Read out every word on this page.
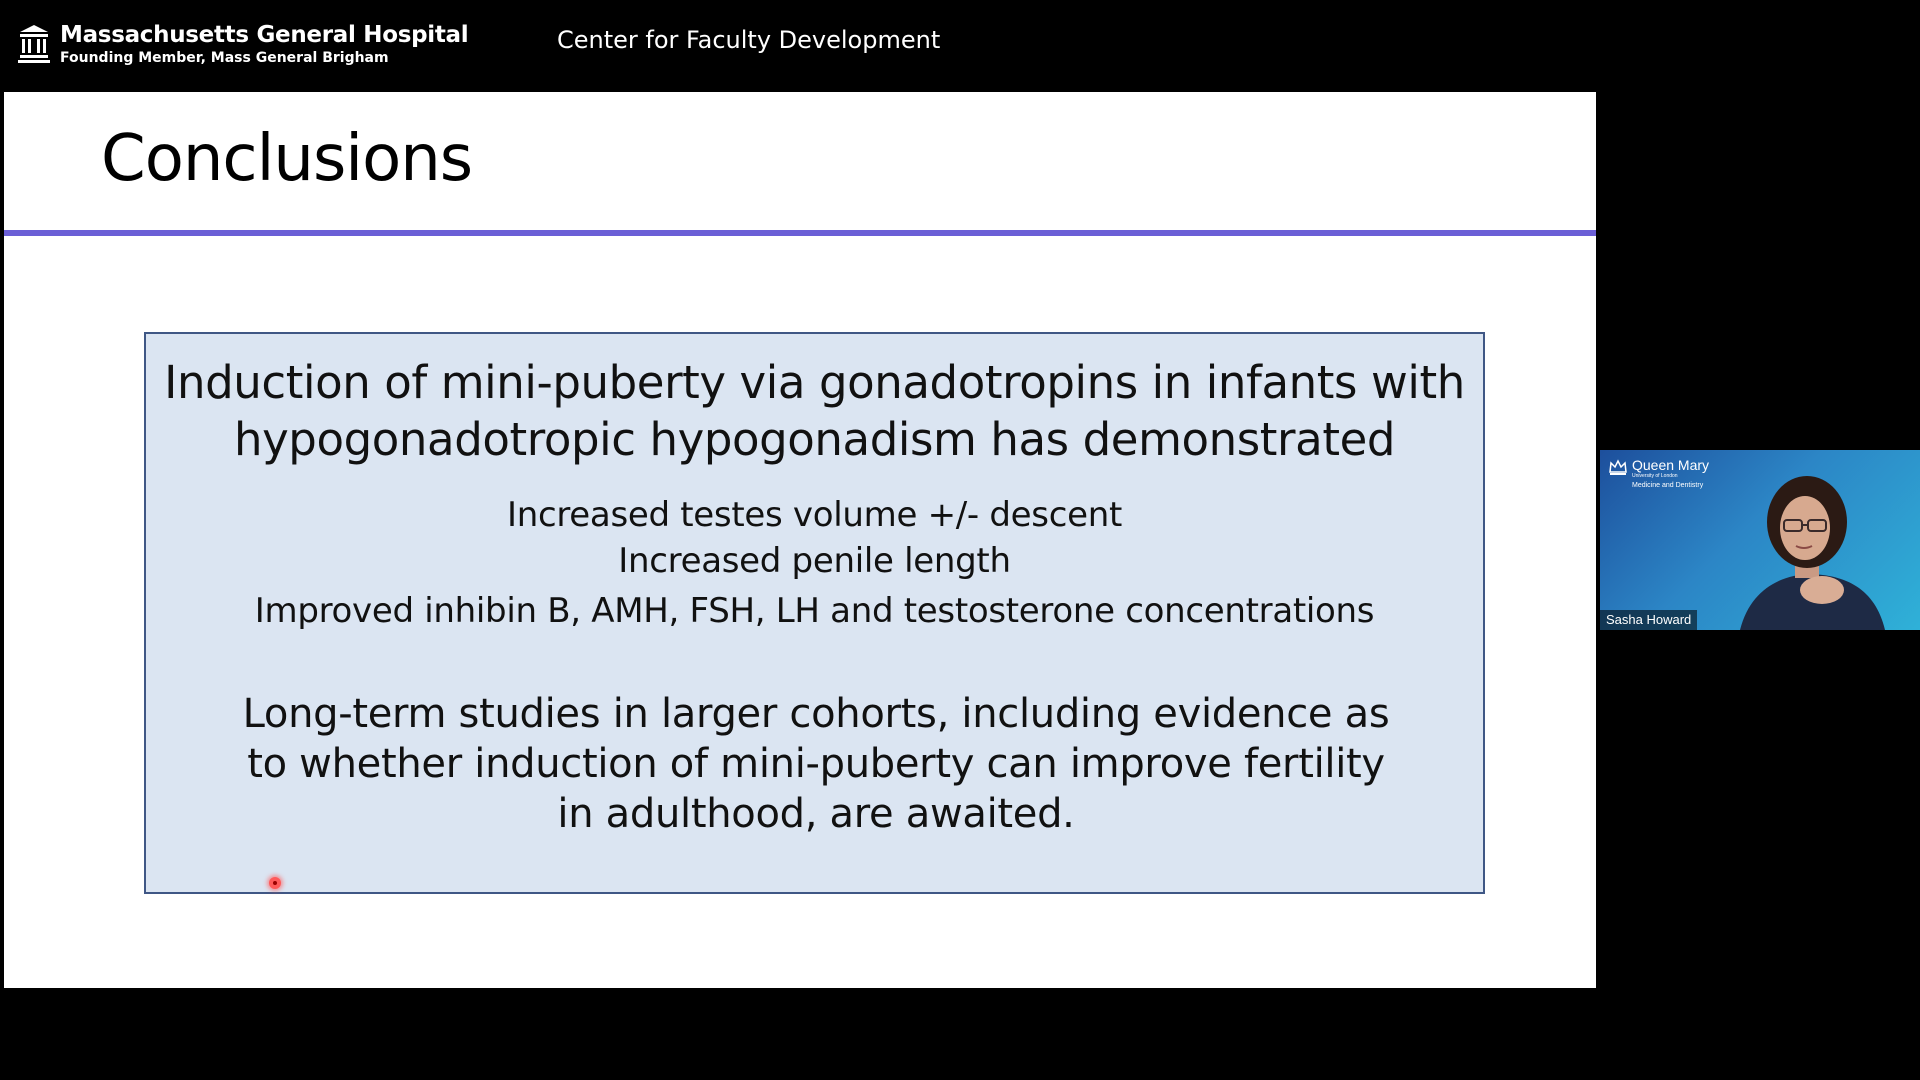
Massachusetts General Hospital
Founding Member, Mass General Brigham
Center for Faculty Development
Conclusions
Induction of mini-puberty via gonadotropins in infants with hypogonadotropic hypogonadism has demonstrated
Increased testes volume +/- descent
Increased penile length
Improved inhibin B, AMH, FSH, LH and testosterone concentrations
Long-term studies in larger cohorts, including evidence as to whether induction of mini-puberty can improve fertility in adulthood, are awaited.
Queen Mary
University of London
Medicine and Dentistry
Sasha Howard
